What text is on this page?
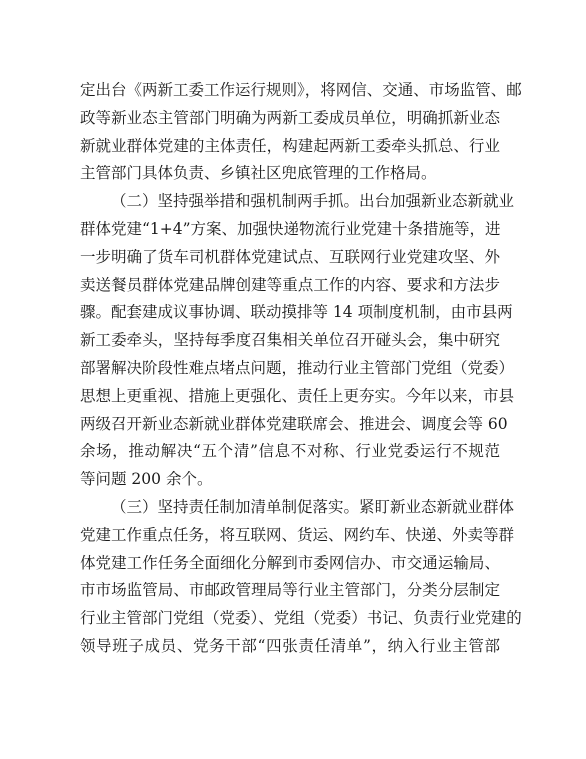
定出台《两新工委工作运行规则》，将网信、交通、市场监管、邮
政等新业态主管部门明确为两新工委成员单位，明确抓新业态
新就业群体党建的主体责任，构建起两新工委牵头抓总、行业
主管部门具体负责、乡镇社区兜底管理的工作格局。

（二）坚持强举措和强机制两手抓。出台加强新业态新就业
群体党建“1+4”方案、加强快递物流行业党建十条措施等，进
一步明确了货车司机群体党建试点、互联网行业党建攻坚、外
卖送餐员群体党建品牌创建等重点工作的内容、要求和方法步
骤。配套建成议事协调、联动摸排等 14 项制度机制，由市县两
新工委牵头，坚持每季度召集相关单位召开碰头会，集中研究
部署解决阶段性难点堵点问题，推动行业主管部门党组（党委）
思想上更重视、措施上更强化、责任上更夯实。今年以来，市县
两级召开新业态新就业群体党建联席会、推进会、调度会等 60
余场，推动解决“五个清”信息不对称、行业党委运行不规范
等问题 200 余个。

（三）坚持责任制加清单制促落实。紧盯新业态新就业群体
党建工作重点任务，将互联网、货运、网约车、快递、外卖等群
体党建工作任务全面细化分解到市委网信办、市交通运输局、
市市场监管局、市邮政管理局等行业主管部门，分类分层制定
行业主管部门党组（党委）、党组（党委）书记、负责行业党建的
领导班子成员、党务干部“四张责任清单”，纳入行业主管部
